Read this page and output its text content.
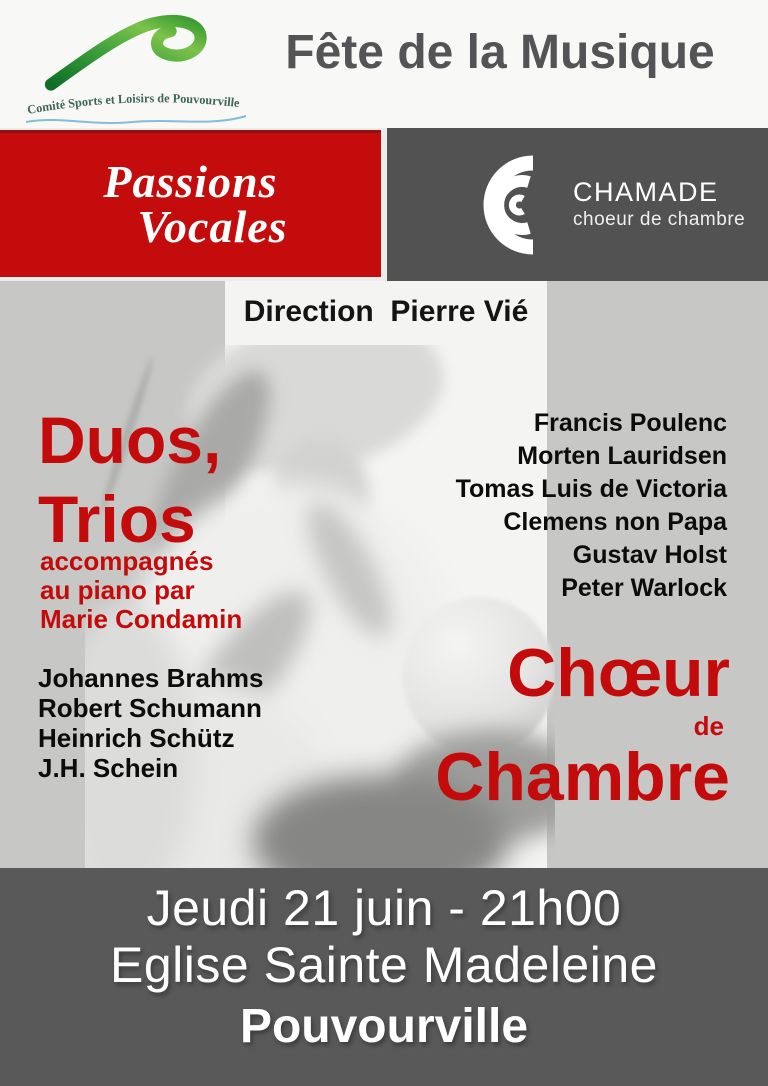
Comité Sports et Loisirs de Pouvourville
Fête de la Musique
Passions
Vocales
CHAMADE
choeur de chambre
Direction  Pierre Vié
Duos,
Trios
accompagnés
au piano par
Marie Condamin
Francis Poulenc
Morten Lauridsen
Tomas Luis de Victoria
Clemens non Papa
Gustav Holst
Peter Warlock
Johannes Brahms
Robert Schumann
Heinrich Schütz
J.H. Schein
Chœur
de
Chambre
Jeudi 21 juin - 21h00
Eglise Sainte Madeleine
Pouvourville
